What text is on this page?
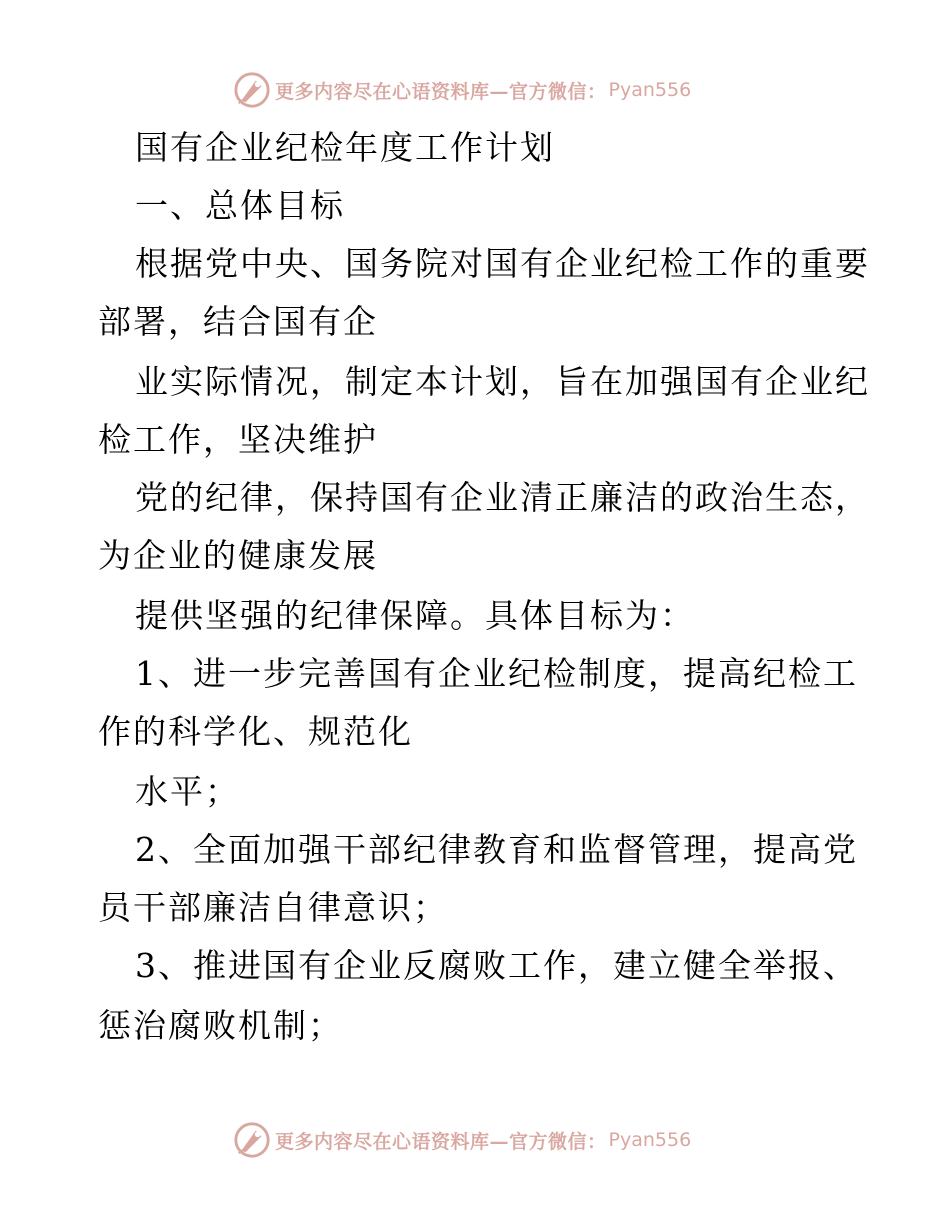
更多内容尽在心语资料库—官方微信： Pyan556
国有企业纪检年度工作计划
一、总体目标
根据党中央、国务院对国有企业纪检工作的重要
部署，结合国有企
业实际情况，制定本计划，旨在加强国有企业纪
检工作，坚决维护
党的纪律，保持国有企业清正廉洁的政治生态，
为企业的健康发展
提供坚强的纪律保障。具体目标为：
1、进一步完善国有企业纪检制度，提高纪检工
作的科学化、规范化
水平；
2、全面加强干部纪律教育和监督管理，提高党
员干部廉洁自律意识；
3、推进国有企业反腐败工作，建立健全举报、
惩治腐败机制；
更多内容尽在心语资料库—官方微信： Pyan556
